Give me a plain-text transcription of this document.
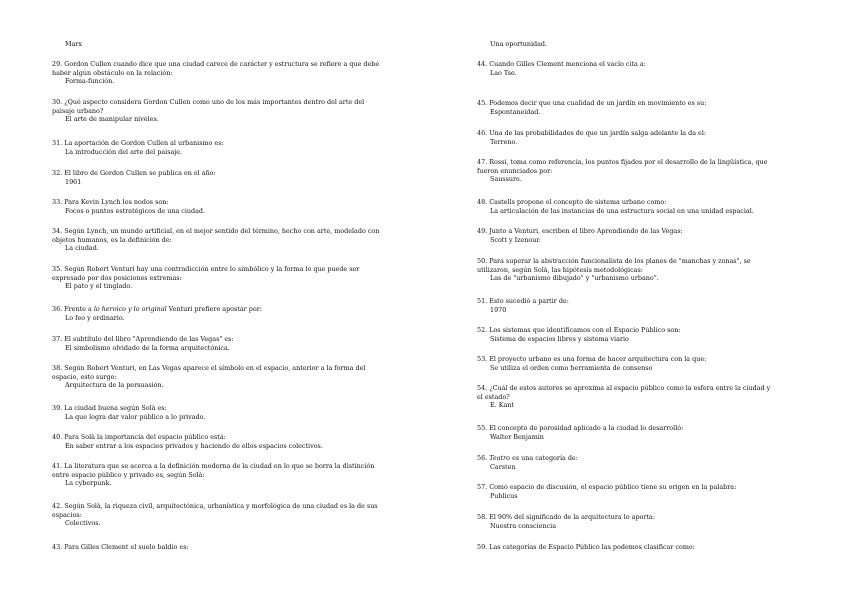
Marx
29. Gordon Cullen cuando dice que una ciudad carece de carácter y estructura se refiere a que debe haber algún obstáculo en la relación:
Forma-función.
30. ¿Qué aspecto considera Gordon Cullen como uno de los más importantes dentro del arte del paisaje urbano?
El arte de manipular niveles.
31. La aportación de Gordon Cullen al urbanismo es:
La introducción del arte del paisaje.
32. El libro de Gordon Cullen se publica en el año:
1961
33. Para Kevin Lynch los nodos son:
Focos o puntos estratégicos de una ciudad.
34. Según Lynch, un mundo artificial, en el mejor sentido del término, hecho con arte, modelado con objetos humanos, es la definición de:
La ciudad.
35. Según Robert Venturi hay una contradicción entre lo simbólico y la forma lo que puede ser expresado por dos posiciones extremas:
El pato y el tinglado.
36. Frente a lo heroico y lo original Venturi prefiere apostar por:
Lo feo y ordinario.
37. El subtítulo del libro "Aprendiendo de las Vegas" es:
El simbolismo olvidado de la forma arquitectónica.
38. Según Robert Venturi, en Las Vegas aparece el símbolo en el espacio, anterior a la forma del espacio, esto surge:
Arquitectura de la persuasión.
39. La ciudad buena según Solà es:
La que logra dar valor público a lo privado.
40. Para Solà la importancia del espacio público está:
En saber entrar a los espacios privados y haciendo de ellos espacios colectivos.
41. La literatura que se acerca a la definición moderna de la ciudad en lo que se borra la distinción entre espacio público y privado es, según Solà:
La cyberpunk.
42. Según Solà, la riqueza civil, arquitectónica, urbanística y morfológica de una ciudad es la de sus espacios:
Colectivos.
43. Para Gilles Clement el suelo baldío es:
Una oportunidad.
44. Cuando Gilles Clement menciona el vacío cita a:
Lao Tse.
45. Podemos decir que una cualidad de un jardín en movimiento es su:
Espontaneidad.
46. Una de las probabilidades de que un jardín salga adelante la da el:
Terreno.
47. Rossi, toma como referencia, los puntos fijados por el desarrollo de la lingüística, que fueron enunciados por:
Saussure.
48. Castells propone el concepto de sistema urbano como:
La articulación de las instancias de una estructura social en una unidad espacial.
49. Junto a Venturi, escriben el libro Aprendiendo de las Vegas:
Scott y Izenour.
50. Para superar la abstracción funcionalista de los planes de "manchas y zonas", se utilizaron, según Solà, las hipótesis metodológicas:
Las de "urbanismo dibujado" y "urbanismo urbano".
51. Esto sucedió a partir de:
1970
52. Los sistemas que identificamos con el Espacio Público son:
Sistema de espacios libres y sistema viario
53. El proyecto urbano es una forma de hacer arquitectura con la que:
Se utiliza el orden como herramienta de consenso
54. ¿Cuál de estos autores se aproxima al espacio público como la esfera entre la ciudad y el estado?
E. Kant
55. El concepto de porosidad aplicado a la ciudad lo desarrolló:
Walter Benjamin
56. Teatro es una categoría de:
Carsten
57. Como espacio de discusión, el espacio público tiene su origen en la palabra:
Publicus
58. El 90% del significado de la arquitectura lo aporta:
Nuestra consciencia
59. Las categorías de Espacio Público las podemos clasificar como:
